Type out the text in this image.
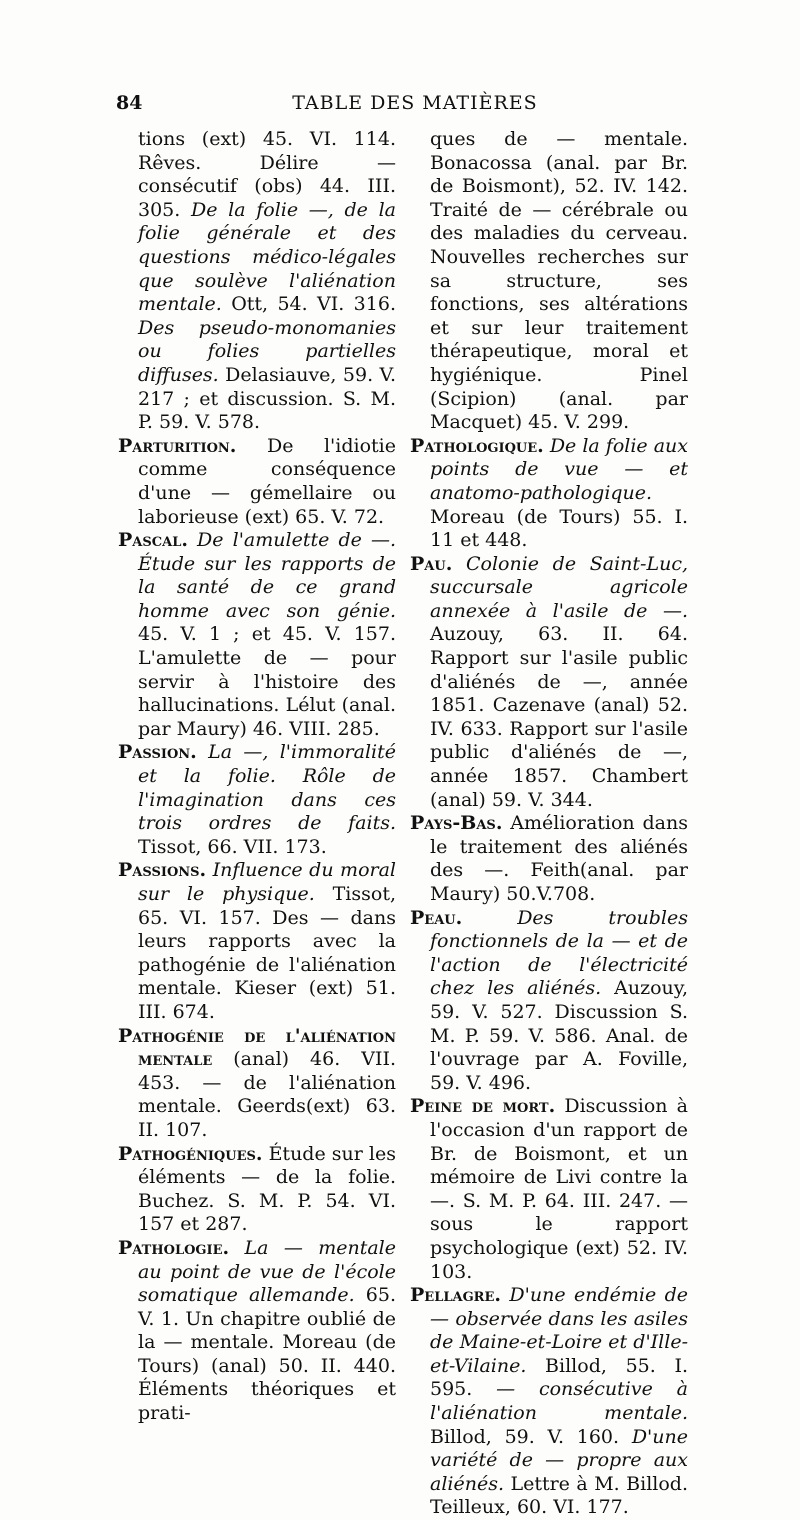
84	TABLE DES MATIÈRES
tions (ext) 45. VI. 114. Rêves. Délire — consécutif (obs) 44. III. 305. De la folie —, de la folie générale et des questions médico-légales que soulève l'aliénation mentale. Ott, 54. VI. 316. Des pseudo-monomanies ou folies partielles diffuses. Delasiauve, 59. V. 217 ; et discussion. S. M. P. 59. V. 578.
Parturition. De l'idiotie comme conséquence d'une — gémellaire ou laborieuse (ext) 65. V. 72.
Pascal. De l'amulette de —. Étude sur les rapports de la santé de ce grand homme avec son génie. 45. V. 1 ; et 45. V. 157. L'amulette de — pour servir à l'histoire des hallucinations. Lélut (anal. par Maury) 46. VIII. 285.
Passion. La —, l'immoralité et la folie. Rôle de l'imagination dans ces trois ordres de faits. Tissot, 66. VII. 173.
Passions. Influence du moral sur le physique. Tissot, 65. VI. 157. Des — dans leurs rapports avec la pathogénie de l'aliénation mentale. Kieser (ext) 51. III. 674.
Pathogénie de l'aliénation mentale (anal) 46. VII. 453. — de l'aliénation mentale. Geerds(ext) 63. II. 107.
Pathogéniques. Étude sur les éléments — de la folie. Buchez. S. M. P. 54. VI. 157 et 287.
Pathologie. La — mentale au point de vue de l'école somatique allemande. 65. V. 1. Un chapitre oublié de la — mentale. Moreau (de Tours) (anal) 50. II. 440. Éléments théoriques et prati-
ques de — mentale. Bonacossa (anal. par Br. de Boismont), 52. IV. 142. Traité de — cérébrale ou des maladies du cerveau. Nouvelles recherches sur sa structure, ses fonctions, ses altérations et sur leur traitement thérapeutique, moral et hygiénique. Pinel (Scipion) (anal. par Macquet) 45. V. 299.
Pathologique. De la folie aux points de vue — et anatomo-pathologique. Moreau (de Tours) 55. I. 11 et 448.
Pau. Colonie de Saint-Luc, succursale agricole annexée à l'asile de —. Auzouy, 63. II. 64. Rapport sur l'asile public d'aliénés de —, année 1851. Cazenave (anal) 52. IV. 633. Rapport sur l'asile public d'aliénés de —, année 1857. Chambert (anal) 59. V. 344.
Pays-Bas. Amélioration dans le traitement des aliénés des —. Feith(anal. par Maury) 50.V.708.
Peau. Des troubles fonctionnels de la — et de l'action de l'électricité chez les aliénés. Auzouy, 59. V. 527. Discussion S. M. P. 59. V. 586. Anal. de l'ouvrage par A. Foville, 59. V. 496.
Peine de mort. Discussion à l'occasion d'un rapport de Br. de Boismont, et un mémoire de Livi contre la —. S. M. P. 64. III. 247. — sous le rapport psychologique (ext) 52. IV. 103.
Pellagre. D'une endémie de — observée dans les asiles de Maine-et-Loire et d'Ille-et-Vilaine. Billod, 55. I. 595. — consécutive à l'aliénation mentale. Billod, 59. V. 160. D'une variété de — propre aux aliénés. Lettre à M. Billod. Teilleux, 60. VI. 177.
